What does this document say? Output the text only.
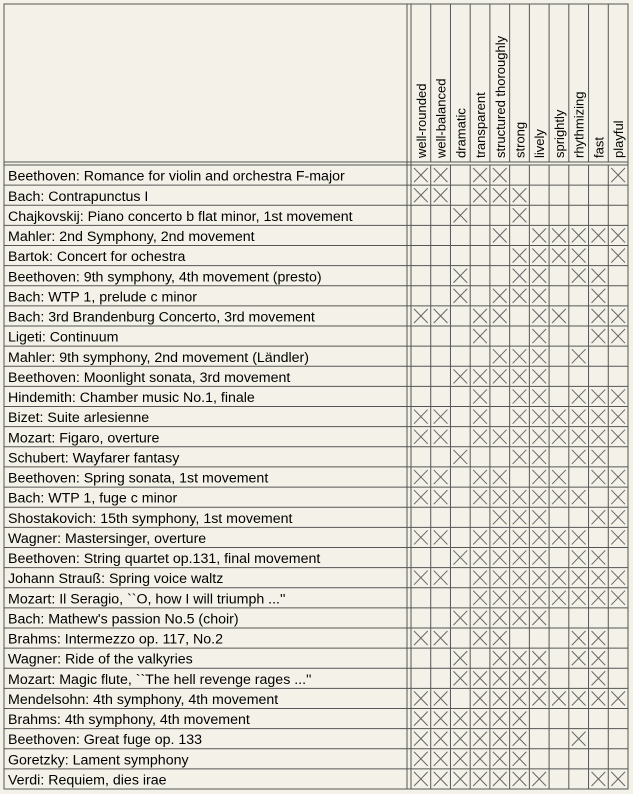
well-rounded well-balanced dramatic transparent structured thoroughly strong lively sprightly rhythmizing fast playful
Beethoven: Romance for violin and orchestra F-major
Bach: Contrapunctus I
Chajkovskij: Piano concerto b flat minor, 1st movement
Mahler: 2nd Symphony, 2nd movement
Bartok: Concert for ochestra
Beethoven: 9th symphony, 4th movement (presto)
Bach: WTP 1, prelude c minor
Bach: 3rd Brandenburg Concerto, 3rd movement
Ligeti: Continuum
Mahler: 9th symphony, 2nd movement (Ländler)
Beethoven: Moonlight sonata, 3rd movement
Hindemith: Chamber music No.1, finale
Bizet: Suite arlesienne
Mozart: Figaro, overture
Schubert: Wayfarer fantasy
Beethoven: Spring sonata, 1st movement
Bach: WTP 1, fuge c minor
Shostakovich: 15th symphony, 1st movement
Wagner: Mastersinger, overture
Beethoven: String quartet op.131, final movement
Johann Strauß: Spring voice waltz
Mozart: Il Seragio, ``O, how I will triumph ...''
Bach: Mathew's passion No.5 (choir)
Brahms: Intermezzo op. 117, No.2
Wagner: Ride of the valkyries
Mozart: Magic flute, ``The hell revenge rages ...''
Mendelsohn: 4th symphony, 4th movement
Brahms: 4th symphony, 4th movement
Beethoven: Great fuge op. 133
Goretzky: Lament symphony
Verdi: Requiem, dies irae
